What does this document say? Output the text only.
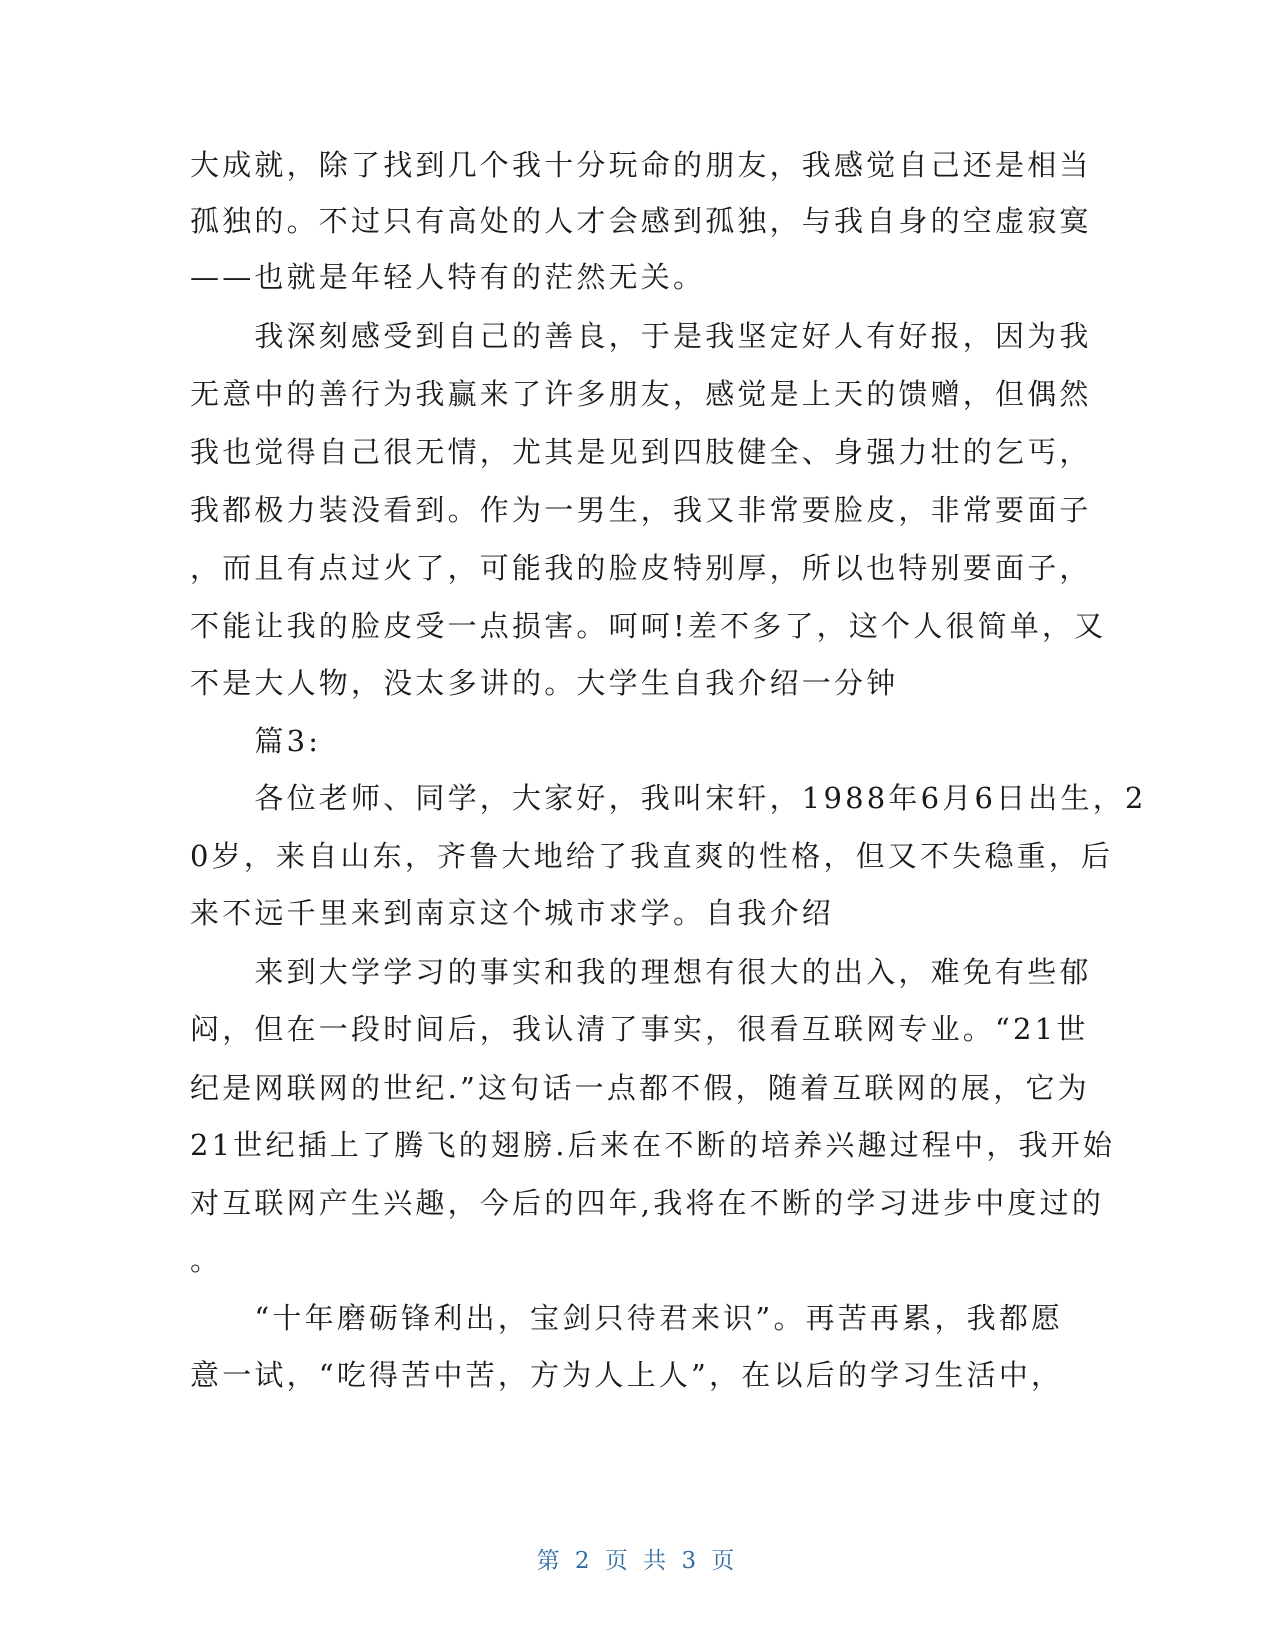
大成就，除了找到几个我十分玩命的朋友，我感觉自己还是相当
孤独的。不过只有高处的人才会感到孤独，与我自身的空虚寂寞
——也就是年轻人特有的茫然无关。
　　我深刻感受到自己的善良，于是我坚定好人有好报，因为我
无意中的善行为我赢来了许多朋友，感觉是上天的馈赠，但偶然
我也觉得自己很无情，尤其是见到四肢健全、身强力壮的乞丐，
我都极力装没看到。作为一男生，我又非常要脸皮，非常要面子
，而且有点过火了，可能我的脸皮特别厚，所以也特别要面子，
不能让我的脸皮受一点损害。呵呵!差不多了，这个人很简单，又
不是大人物，没太多讲的。大学生自我介绍一分钟
　　篇3:
　　各位老师、同学，大家好，我叫宋轩，1988年6月6日出生，2
0岁，来自山东，齐鲁大地给了我直爽的性格，但又不失稳重，后
来不远千里来到南京这个城市求学。自我介绍
　　来到大学学习的事实和我的理想有很大的出入，难免有些郁
闷，但在一段时间后，我认清了事实，很看互联网专业。“21世
纪是网联网的世纪.”这句话一点都不假，随着互联网的展，它为
21世纪插上了腾飞的翅膀.后来在不断的培养兴趣过程中，我开始
对互联网产生兴趣，今后的四年,我将在不断的学习进步中度过的
。
　　“十年磨砺锋利出，宝剑只待君来识”。再苦再累，我都愿
意一试，“吃得苦中苦，方为人上人”，在以后的学习生活中，
第 2 页 共 3 页
